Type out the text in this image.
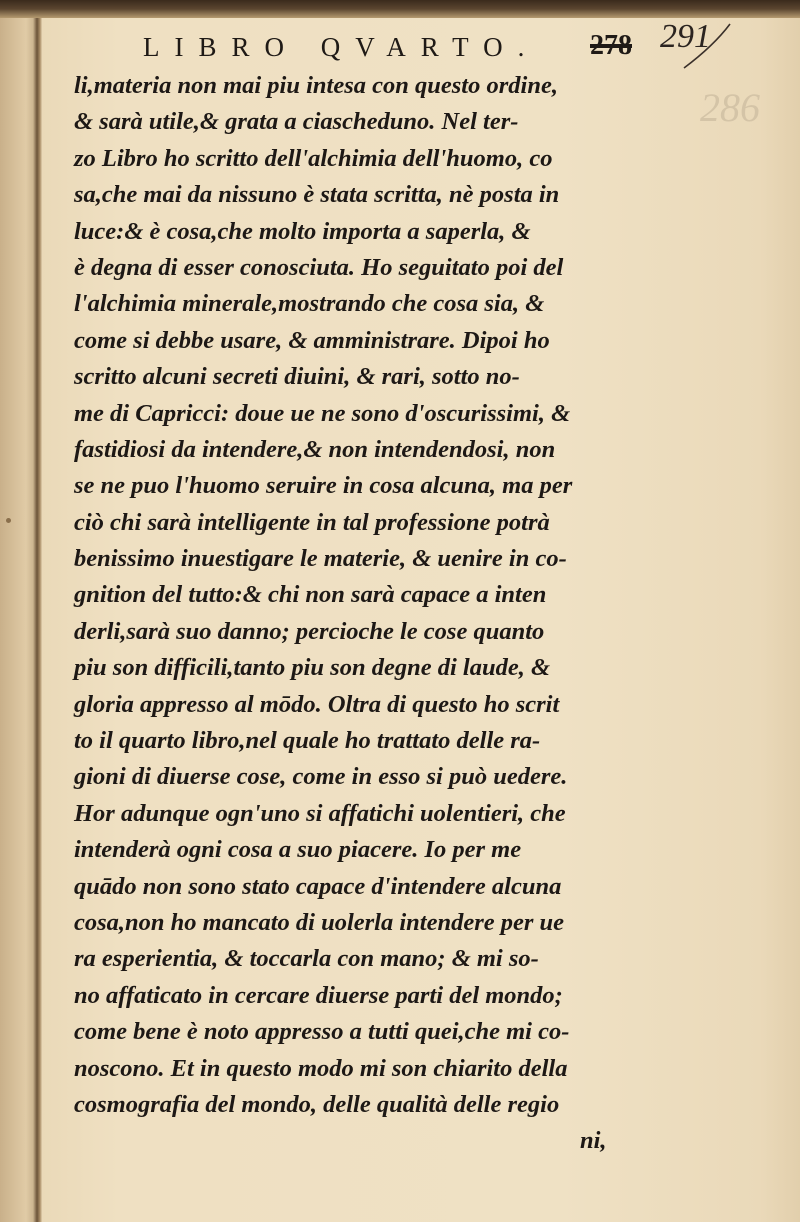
LIBRO QVARTO. 278 291
286
li,materia non mai piu intesa con questo ordine,
& sarà utile,& grata a ciascheduno. Nel ter-
zo Libro ho scritto dell'alchimia dell'huomo, co
sa,che mai da nissuno è stata scritta, nè posta in
luce:& è cosa,che molto importa a saperla, &
è degna di esser conosciuta. Ho seguitato poi del
l'alchimia minerale,mostrando che cosa sia, &
come si debbe usare, & amministrare. Dipoi ho
scritto alcuni secreti diuini, & rari, sotto no-
me di Capricci: doue ue ne sono d'oscurissimi, &
fastidiosi da intendere,& non intendendosi, non
se ne puo l'huomo seruire in cosa alcuna, ma per
ciò chi sarà intelligente in tal professione potrà
benissimo inuestigare le materie, & uenire in co-
gnition del tutto:& chi non sarà capace a inten
derli,sarà suo danno; percioche le cose quanto
piu son difficili,tanto piu son degne di laude, &
gloria appresso al mōdo. Oltra di questo ho scrit
to il quarto libro,nel quale ho trattato delle ra-
gioni di diuerse cose, come in esso si può uedere.
Hor adunque ogn'uno si affatichi uolentieri, che
intenderà ogni cosa a suo piacere. Io per me
quādo non sono stato capace d'intendere alcuna
cosa,non ho mancato di uolerla intendere per ue
ra esperientia, & toccarla con mano; & mi so-
no affaticato in cercare diuerse parti del mondo;
come bene è noto appresso a tutti quei,che mi co-
noscono. Et in questo modo mi son chiarito della
cosmografia del mondo, delle qualità delle regio
ni,
